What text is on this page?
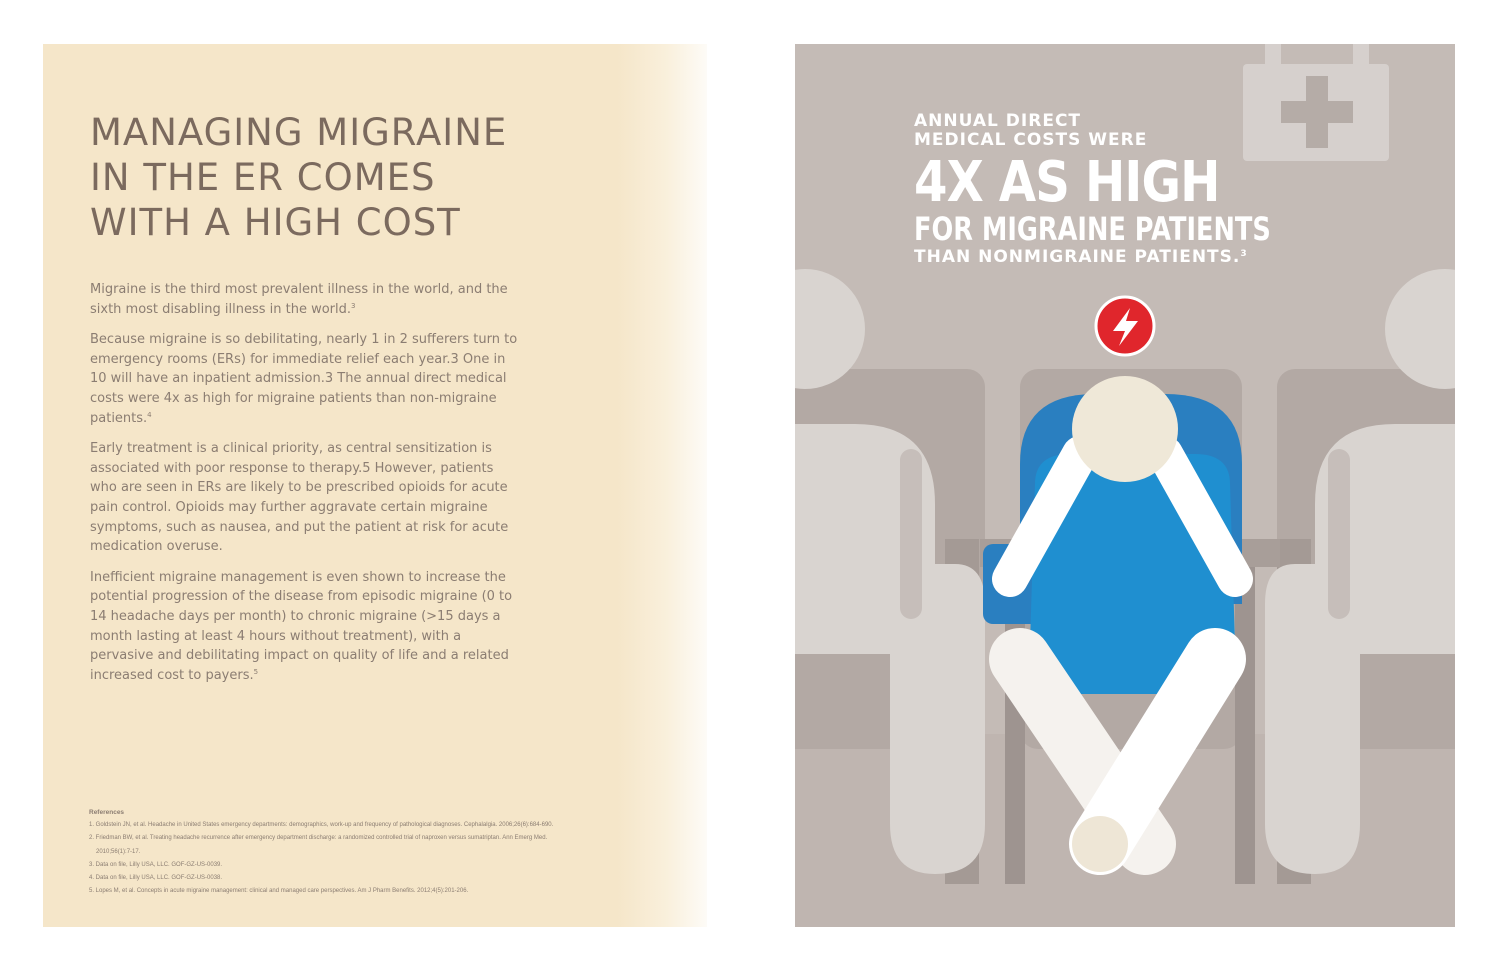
MANAGING MIGRAINE
IN THE ER COMES
WITH A HIGH COST

Migraine is the third most prevalent illness in the world, and the sixth most disabling illness in the world.$^3$

Because migraine is so debilitating, nearly 1 in 2 sufferers turn to emergency rooms (ERs) for immediate relief each year.3 One in 10 will have an inpatient admission.3 The annual direct medical costs were 4x as high for migraine patients than non-migraine patients.$^4$

Early treatment is a clinical priority, as central sensitization is associated with poor response to therapy.5 However, patients who are seen in ERs are likely to be prescribed opioids for acute pain control. Opioids may further aggravate certain migraine symptoms, such as nausea, and put the patient at risk for acute medication overuse.

Inefficient migraine management is even shown to increase the potential progression of the disease from episodic migraine (0 to 14 headache days per month) to chronic migraine (>15 days a month lasting at least 4 hours without treatment), with a pervasive and debilitating impact on quality of life and a related increased cost to payers.$^5$

References
1. Goldstein JN, et al. Headache in United States emergency departments: demographics, work-up and frequency of pathological diagnoses. Cephalalgia. 2006;26(6):684-690.
2. Friedman BW, et al. Treating headache recurrence after emergency department discharge: a randomized controlled trial of naproxen versus sumatriptan. Ann Emerg Med.
2010;56(1):7-17.
3. Data on file, Lilly USA, LLC. GOF-GZ-US-0039.
4. Data on file, Lilly USA, LLC. GOF-GZ-US-0038.
5. Lopes M, et al. Concepts in acute migraine management: clinical and managed care perspectives. Am J Pharm Benefits. 2012;4(5):201-206.
ANNUAL DIRECT
MEDICAL COSTS WERE
4X AS HIGH
FOR MIGRAINE PATIENTS
THAN NONMIGRAINE PATIENTS.$^3$
